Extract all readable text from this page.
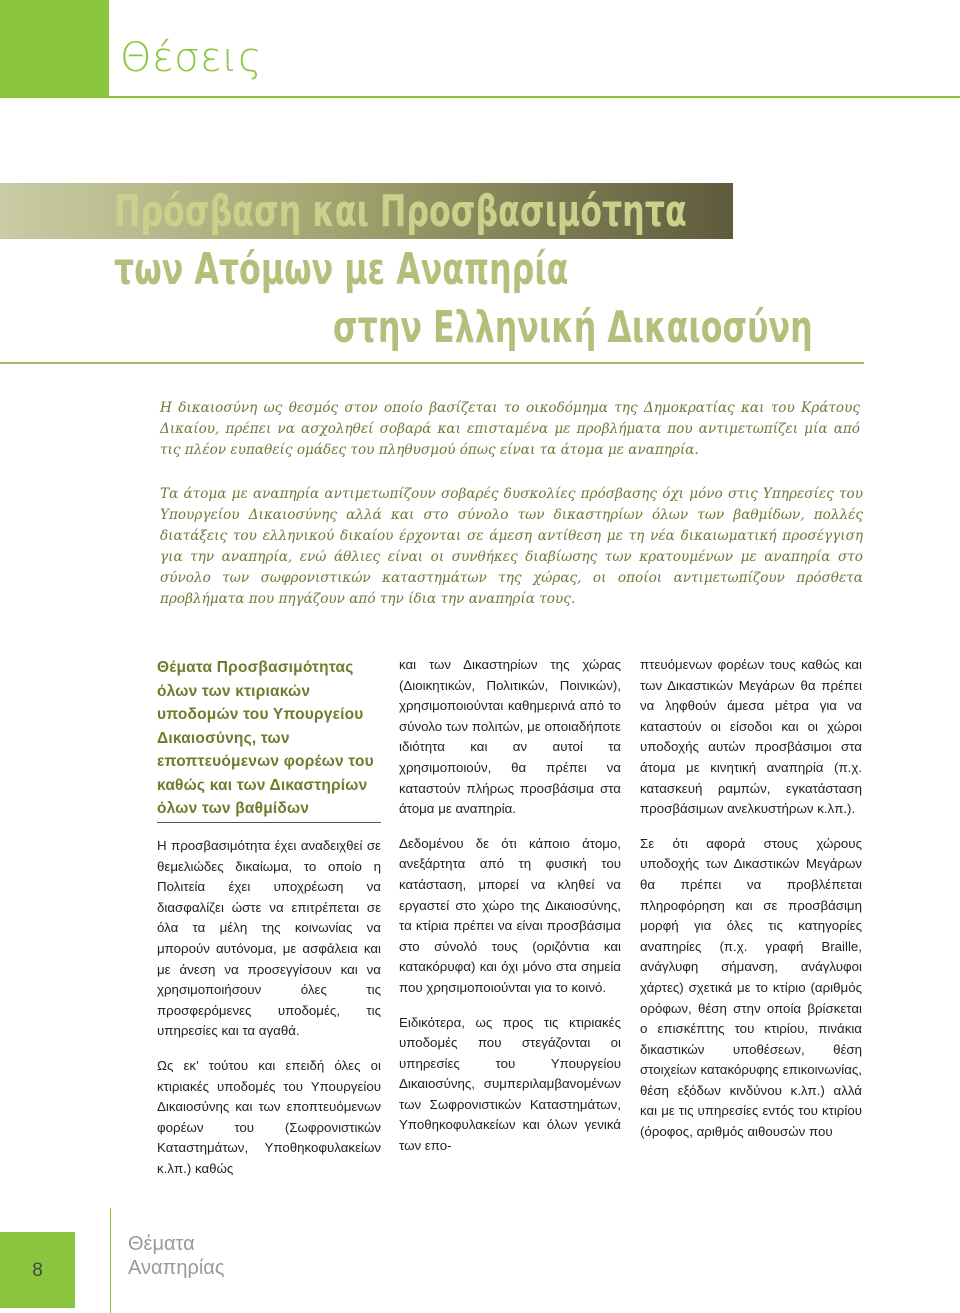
Θέσεις
Πρόσβαση και Προσβασιμότητα
των Ατόμων με Αναπηρία
στην Ελληνική Δικαιοσύνη

Η δικαιοσύνη ως θεσμός στον οποίο βασίζεται το οικοδόμημα της Δημοκρατίας και του Κράτους Δικαίου, πρέπει να ασχοληθεί σοβαρά και επισταμένα με προβλήματα που αντιμετωπίζει μία από τις πλέον ευπαθείς ομάδες του πληθυσμού όπως είναι τα άτομα με αναπηρία.

Τα άτομα με αναπηρία αντιμετωπίζουν σοβαρές δυσκολίες πρόσβασης όχι μόνο στις Υπηρεσίες του Υπουργείου Δικαιοσύνης αλλά και στο σύνολο των δικαστηρίων όλων των βαθμίδων, πολλές διατάξεις του ελληνικού δικαίου έρχονται σε άμεση αντίθεση με τη νέα δικαιωματική προσέγγιση για την αναπηρία, ενώ άθλιες είναι οι συνθήκες διαβίωσης των κρατουμένων με αναπηρία στο σύνολο των σωφρονιστικών καταστημάτων της χώρας, οι οποίοι αντιμετωπίζουν πρόσθετα προβλήματα που πηγάζουν από την ίδια την αναπηρία τους.

Θέματα Προσβασιμότητας όλων των κτιριακών υποδομών του Υπουργείου Δικαιοσύνης, των εποπτευόμενων φορέων του καθώς και των Δικαστηρίων όλων των βαθμίδων

Η προσβασιμότητα έχει αναδειχθεί σε θεμελιώδες δικαίωμα, το οποίο η Πολιτεία έχει υποχρέωση να διασφαλίζει ώστε να επιτρέπεται σε όλα τα μέλη της κοινωνίας να μπορούν αυτόνομα, με ασφάλεια και με άνεση να προσεγγίσουν και να χρησιμοποιήσουν όλες τις προσφερόμενες υποδομές, τις υπηρεσίες και τα αγαθά.

Ως εκ’ τούτου και επειδή όλες οι κτιριακές υποδομές του Υπουργείου Δικαιοσύνης και των εποπτευόμενων φορέων του (Σωφρονιστικών Καταστημάτων, Υποθηκοφυλακείων κ.λπ.) καθώς

και των Δικαστηρίων της χώρας (Διοικητικών, Πολιτικών, Ποινικών), χρησιμοποιούνται καθημερινά από το σύνολο των πολιτών, με οποιαδήποτε ιδιότητα και αν αυτοί τα χρησιμοποιούν, θα πρέπει να καταστούν πλήρως προσβάσιμα στα άτομα με αναπηρία.

Δεδομένου δε ότι κάποιο άτομο, ανεξάρτητα από τη φυσική του κατάσταση, μπορεί να κληθεί να εργαστεί στο χώρο της Δικαιοσύνης, τα κτίρια πρέπει να είναι προσβάσιμα στο σύνολό τους (οριζόντια και κατακόρυφα) και όχι μόνο στα σημεία που χρησιμοποιούνται για το κοινό.

Ειδικότερα, ως προς τις κτιριακές υποδομές που στεγάζονται οι υπηρεσίες του Υπουργείου Δικαιοσύνης, συμπεριλαμβανομένων των Σωφρονιστικών Καταστημάτων, Υποθηκοφυλακείων και όλων γενικά των επο-

πτευόμενων φορέων τους καθώς και των Δικαστικών Μεγάρων θα πρέπει να ληφθούν άμεσα μέτρα για να καταστούν οι είσοδοι και οι χώροι υποδοχής αυτών προσβάσιμοι στα άτομα με κινητική αναπηρία (π.χ. κατασκευή ραμπών, εγκατάσταση προσβάσιμων ανελκυστήρων κ.λπ.).

Σε ότι αφορά στους χώρους υποδοχής των Δικαστικών Μεγάρων θα πρέπει να προβλέπεται πληροφόρηση και σε προσβάσιμη μορφή για όλες τις κατηγορίες αναπηρίες (π.χ. γραφή Braille, ανάγλυφη σήμανση, ανάγλυφοι χάρτες) σχετικά με το κτίριο (αριθμός ορόφων, θέση στην οποία βρίσκεται ο επισκέπτης του κτιρίου, πινάκια δικαστικών υποθέσεων, θέση στοιχείων κατακόρυφης επικοινωνίας, θέση εξόδων κινδύνου κ.λπ.) αλλά και με τις υπηρεσίες εντός του κτιρίου (όροφος, αριθμός αιθουσών που

8
Θέματα
Αναπηρίας
